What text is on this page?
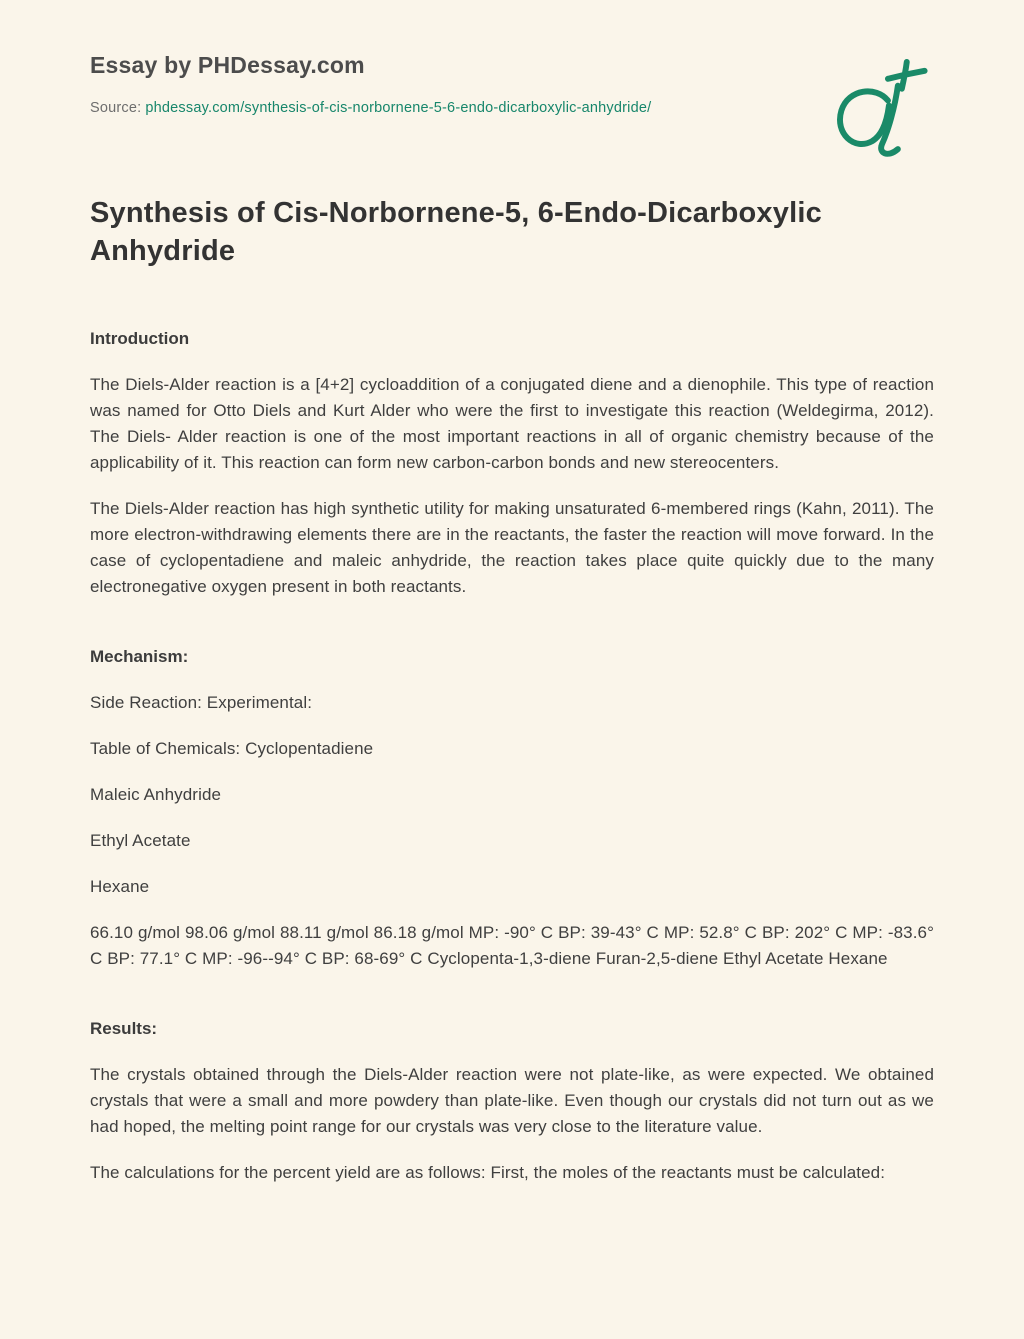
Essay by PHDessay.com
Source: phdessay.com/synthesis-of-cis-norbornene-5-6-endo-dicarboxylic-anhydride/
Synthesis of Cis-Norbornene-5, 6-Endo-Dicarboxylic Anhydride
Introduction

The Diels-Alder reaction is a [4+2] cycloaddition of a conjugated diene and a dienophile. This type of reaction was named for Otto Diels and Kurt Alder who were the first to investigate this reaction (Weldegirma, 2012). The Diels- Alder reaction is one of the most important reactions in all of organic chemistry because of the applicability of it. This reaction can form new carbon-carbon bonds and new stereocenters.

The Diels-Alder reaction has high synthetic utility for making unsaturated 6-membered rings (Kahn, 2011). The more electron-withdrawing elements there are in the reactants, the faster the reaction will move forward. In the case of cyclopentadiene and maleic anhydride, the reaction takes place quite quickly due to the many electronegative oxygen present in both reactants.

Mechanism:

Side Reaction: Experimental:

Table of Chemicals: Cyclopentadiene

Maleic Anhydride

Ethyl Acetate

Hexane

66.10 g/mol 98.06 g/mol 88.11 g/mol 86.18 g/mol MP: -90° C BP: 39-43° C MP: 52.8° C BP: 202° C MP: -83.6° C BP: 77.1° C MP: -96--94° C BP: 68-69° C Cyclopenta-1,3-diene Furan-2,5-diene Ethyl Acetate Hexane

Results:

The crystals obtained through the Diels-Alder reaction were not plate-like, as were expected. We obtained crystals that were a small and more powdery than plate-like. Even though our crystals did not turn out as we had hoped, the melting point range for our crystals was very close to the literature value.

The calculations for the percent yield are as follows: First, the moles of the reactants must be calculated:
